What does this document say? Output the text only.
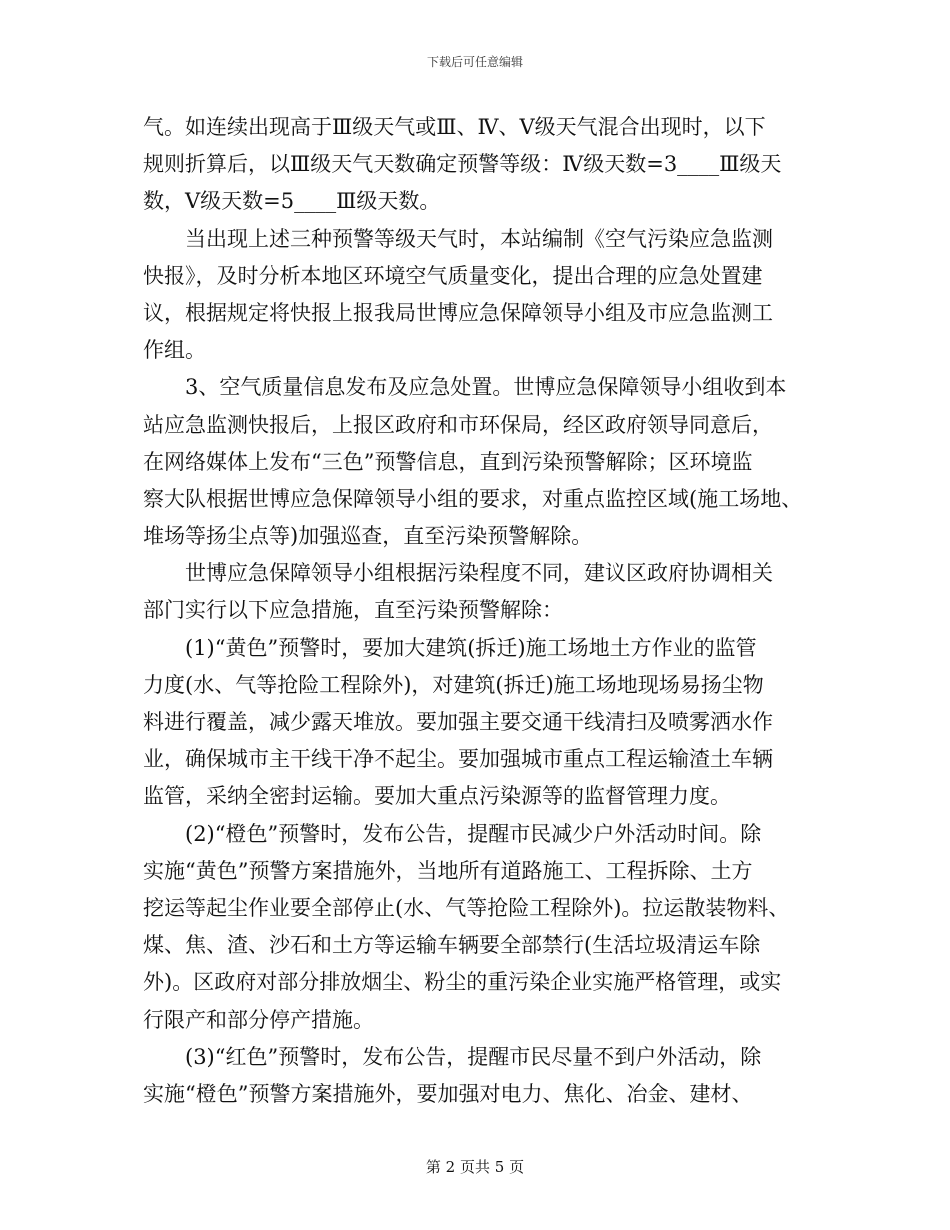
下载后可任意编辑
气。如连续出现高于Ⅲ级天气或Ⅲ、Ⅳ、Ⅴ级天气混合出现时，以下
规则折算后，以Ⅲ级天气天数确定预警等级：Ⅳ级天数=3____Ⅲ级天
数，Ⅴ级天数=5____Ⅲ级天数。
　　当出现上述三种预警等级天气时，本站编制《空气污染应急监测
快报》，及时分析本地区环境空气质量变化，提出合理的应急处置建
议，根据规定将快报上报我局世博应急保障领导小组及市应急监测工
作组。
　　3、空气质量信息发布及应急处置。世博应急保障领导小组收到本
站应急监测快报后，上报区政府和市环保局，经区政府领导同意后，
在网络媒体上发布“三色”预警信息，直到污染预警解除；区环境监
察大队根据世博应急保障领导小组的要求，对重点监控区域(施工场地、
堆场等扬尘点等)加强巡查，直至污染预警解除。
　　世博应急保障领导小组根据污染程度不同，建议区政府协调相关
部门实行以下应急措施，直至污染预警解除：
　　(1)“黄色”预警时，要加大建筑(拆迁)施工场地土方作业的监管
力度(水、气等抢险工程除外)，对建筑(拆迁)施工场地现场易扬尘物
料进行覆盖，减少露天堆放。要加强主要交通干线清扫及喷雾洒水作
业，确保城市主干线干净不起尘。要加强城市重点工程运输渣土车辆
监管，采纳全密封运输。要加大重点污染源等的监督管理力度。
　　(2)“橙色”预警时，发布公告，提醒市民减少户外活动时间。除
实施“黄色”预警方案措施外，当地所有道路施工、工程拆除、土方
挖运等起尘作业要全部停止(水、气等抢险工程除外)。拉运散装物料、
煤、焦、渣、沙石和土方等运输车辆要全部禁行(生活垃圾清运车除
外)。区政府对部分排放烟尘、粉尘的重污染企业实施严格管理，或实
行限产和部分停产措施。
　　(3)“红色”预警时，发布公告，提醒市民尽量不到户外活动，除
实施“橙色”预警方案措施外，要加强对电力、焦化、冶金、建材、
第 2 页共 5 页
